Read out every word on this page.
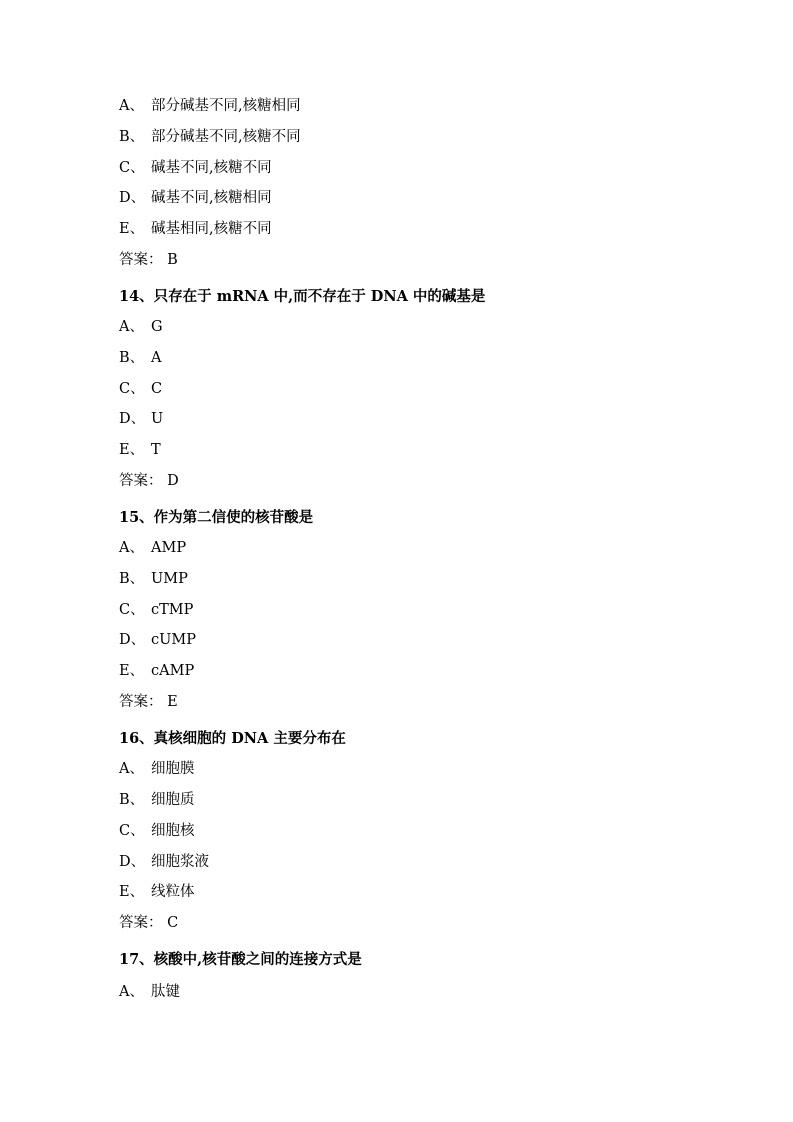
A、 部分碱基不同,核糖相同
B、 部分碱基不同,核糖不同
C、 碱基不同,核糖不同
D、 碱基不同,核糖相同
E、 碱基相同,核糖不同
答案： B
14、只存在于 mRNA 中,而不存在于 DNA 中的碱基是
A、 G
B、 A
C、 C
D、 U
E、 T
答案： D
15、作为第二信使的核苷酸是
A、 AMP
B、 UMP
C、 cTMP
D、 cUMP
E、 cAMP
答案： E
16、真核细胞的 DNA 主要分布在
A、 细胞膜
B、 细胞质
C、 细胞核
D、 细胞浆液
E、 线粒体
答案： C
17、核酸中,核苷酸之间的连接方式是
A、 肽键
